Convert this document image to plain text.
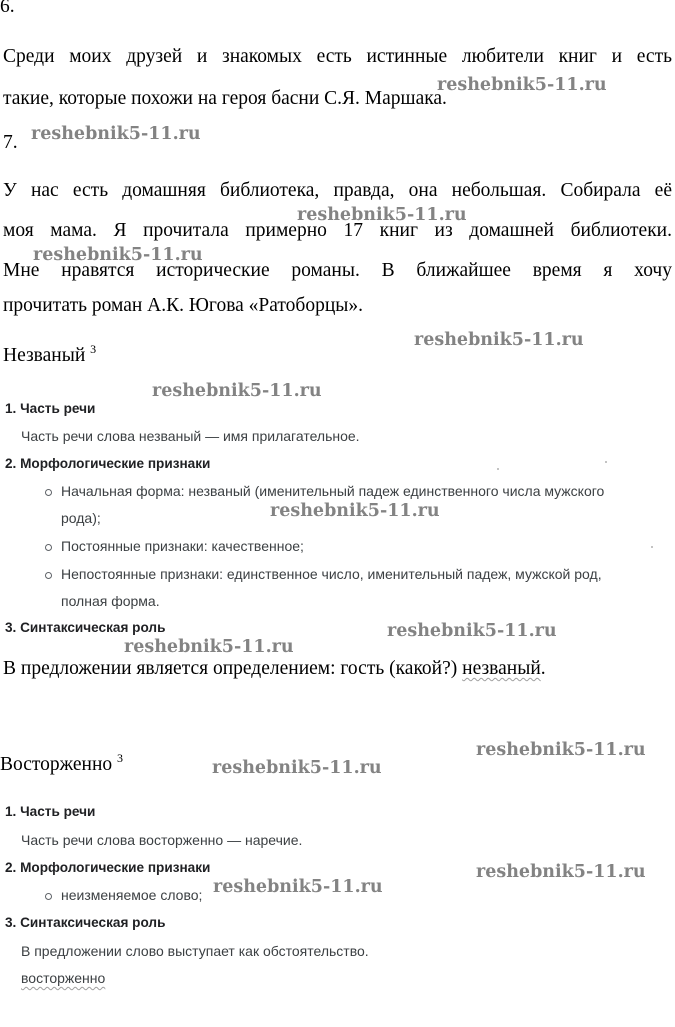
6.
Среди моих друзей и знакомых есть истинные любители книг и есть
такие, которые похожи на героя басни С.Я. Маршака.
7.
У нас есть домашняя библиотека, правда, она небольшая. Собирала её
моя мама. Я прочитала примерно 17 книг из домашней библиотеки.
Мне нравятся исторические романы. В ближайшее время я хочу
прочитать роман А.К. Югова «Ратоборцы».
Незваный $^3$
1. Часть речи
Часть речи слова незваный — имя прилагательное.
2. Морфологические признаки
Начальная форма: незваный (именительный падеж единственного числа мужского
рода);
Постоянные признаки: качественное;
Непостоянные признаки: единственное число, именительный падеж, мужской род,
полная форма.
3. Синтаксическая роль
В предложении является определением: гость (какой?) незваный.
Восторженно $^3$
1. Часть речи
Часть речи слова восторженно — наречие.
2. Морфологические признаки
неизменяемое слово;
3. Синтаксическая роль
В предложении слово выступает как обстоятельство.
восторженно
reshebnik5-11.ru
reshebnik5-11.ru
reshebnik5-11.ru
reshebnik5-11.ru
reshebnik5-11.ru
reshebnik5-11.ru
reshebnik5-11.ru
reshebnik5-11.ru
reshebnik5-11.ru
reshebnik5-11.ru
reshebnik5-11.ru
reshebnik5-11.ru
reshebnik5-11.ru
